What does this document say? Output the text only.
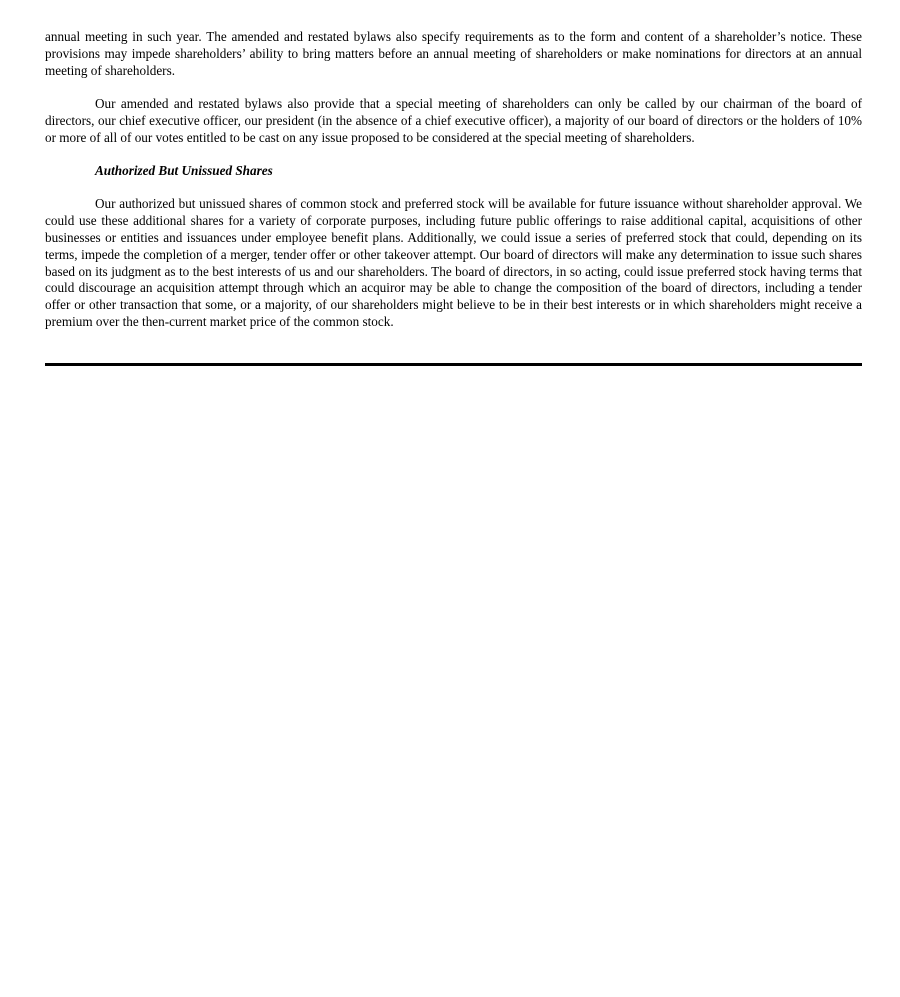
annual meeting in such year. The amended and restated bylaws also specify requirements as to the form and content of a shareholder’s notice. These provisions may impede shareholders’ ability to bring matters before an annual meeting of shareholders or make nominations for directors at an annual meeting of shareholders.

Our amended and restated bylaws also provide that a special meeting of shareholders can only be called by our chairman of the board of directors, our chief executive officer, our president (in the absence of a chief executive officer), a majority of our board of directors or the holders of 10% or more of all of our votes entitled to be cast on any issue proposed to be considered at the special meeting of shareholders.

Authorized But Unissued Shares

Our authorized but unissued shares of common stock and preferred stock will be available for future issuance without shareholder approval. We could use these additional shares for a variety of corporate purposes, including future public offerings to raise additional capital, acquisitions of other businesses or entities and issuances under employee benefit plans. Additionally, we could issue a series of preferred stock that could, depending on its terms, impede the completion of a merger, tender offer or other takeover attempt. Our board of directors will make any determination to issue such shares based on its judgment as to the best interests of us and our shareholders. The board of directors, in so acting, could issue preferred stock having terms that could discourage an acquisition attempt through which an acquiror may be able to change the composition of the board of directors, including a tender offer or other transaction that some, or a majority, of our shareholders might believe to be in their best interests or in which shareholders might receive a premium over the then-current market price of the common stock.
